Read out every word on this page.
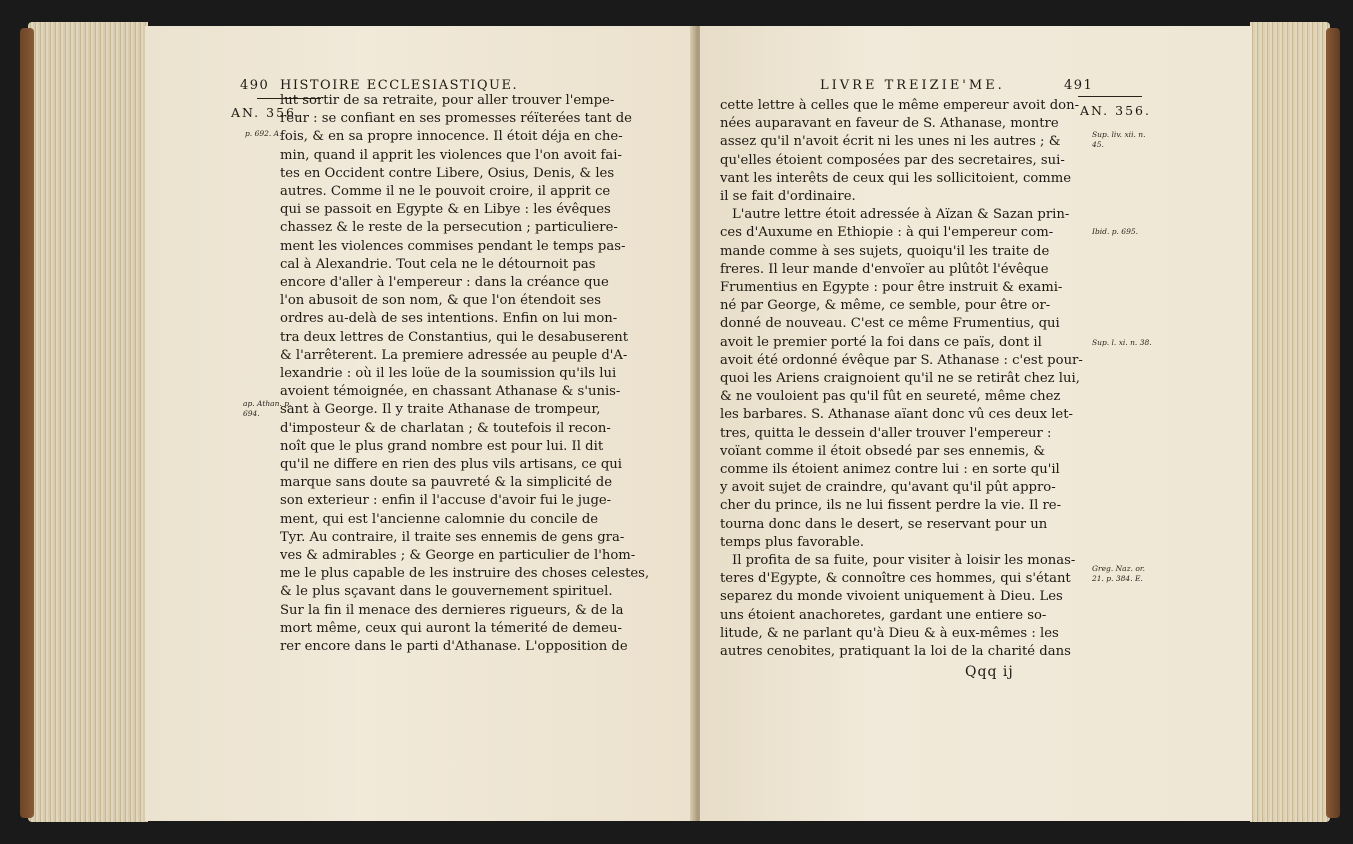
490 HISTOIRE ECCLESIASTIQUE.
AN. 356.
p. 692. A.
ap. Athan. p.
694.
lut sortir de sa retraite, pour aller trouver l'empe-
reur : se confiant en ses promesses réïterées tant de
fois, & en sa propre innocence. Il étoit déja en che-
min, quand il apprit les violences que l'on avoit fai-
tes en Occident contre Libere, Osius, Denis, & les
autres. Comme il ne le pouvoit croire, il apprit ce
qui se passoit en Egypte & en Libye : les évêques
chassez & le reste de la persecution ; particuliere-
ment les violences commises pendant le temps pas-
cal à Alexandrie. Tout cela ne le détournoit pas
encore d'aller à l'empereur : dans la créance que
l'on abusoit de son nom, & que l'on étendoit ses
ordres au-delà de ses intentions. Enfin on lui mon-
tra deux lettres de Constantius, qui le desabuserent
& l'arrêterent. La premiere adressée au peuple d'A-
lexandrie : où il les loüe de la soumission qu'ils lui
avoient témoignée, en chassant Athanase & s'unis-
sant à George. Il y traite Athanase de trompeur,
d'imposteur & de charlatan ; & toutefois il recon-
noît que le plus grand nombre est pour lui. Il dit
qu'il ne differe en rien des plus vils artisans, ce qui
marque sans doute sa pauvreté & la simplicité de
son exterieur : enfin il l'accuse d'avoir fui le juge-
ment, qui est l'ancienne calomnie du concile de
Tyr. Au contraire, il traite ses ennemis de gens gra-
ves & admirables ; & George en particulier de l'hom-
me le plus capable de les instruire des choses celestes,
& le plus sçavant dans le gouvernement spirituel.
Sur la fin il menace des dernieres rigueurs, & de la
mort même, ceux qui auront la témerité de demeu-
rer encore dans le parti d'Athanase. L'opposition de
LIVRE TREIZIE'ME.	491
cette lettre à celles que le même empereur avoit don-
nées auparavant en faveur de S. Athanase, montre
assez qu'il n'avoit écrit ni les unes ni les autres ; &
qu'elles étoient composées par des secretaires, sui-
vant les interêts de ceux qui les sollicitoient, comme
il se fait d'ordinaire.
L'autre lettre étoit adressée à Aïzan & Sazan prin-
ces d'Auxume en Ethiopie : à qui l'empereur com-
mande comme à ses sujets, quoiqu'il les traite de
freres. Il leur mande d'envoïer au plûtôt l'évêque
Frumentius en Egypte : pour être instruit & exami-
né par George, & même, ce semble, pour être or-
donné de nouveau. C'est ce même Frumentius, qui
avoit le premier porté la foi dans ce païs, dont il
avoit été ordonné évêque par S. Athanase : c'est pour-
quoi les Ariens craignoient qu'il ne se retirât chez lui,
& ne vouloient pas qu'il fût en seureté, même chez
les barbares. S. Athanase aïant donc vû ces deux let-
tres, quitta le dessein d'aller trouver l'empereur :
voïant comme il étoit obsedé par ses ennemis, &
comme ils étoient animez contre lui : en sorte qu'il
y avoit sujet de craindre, qu'avant qu'il pût appro-
cher du prince, ils ne lui fissent perdre la vie. Il re-
tourna donc dans le desert, se reservant pour un
temps plus favorable.
Il profita de sa fuite, pour visiter à loisir les monas-
teres d'Egypte, & connoître ces hommes, qui s'étant
separez du monde vivoient uniquement à Dieu. Les
uns étoient anachoretes, gardant une entiere so-
litude, & ne parlant qu'à Dieu & à eux-mêmes : les
autres cenobites, pratiquant la loi de la charité dans
Qqq ij
AN. 356.
Sup. liv. xii. n.
45.
Ibid. p. 695.
Sup. l. xi. n. 38.
Greg. Naz. or.
21. p. 384. E.
